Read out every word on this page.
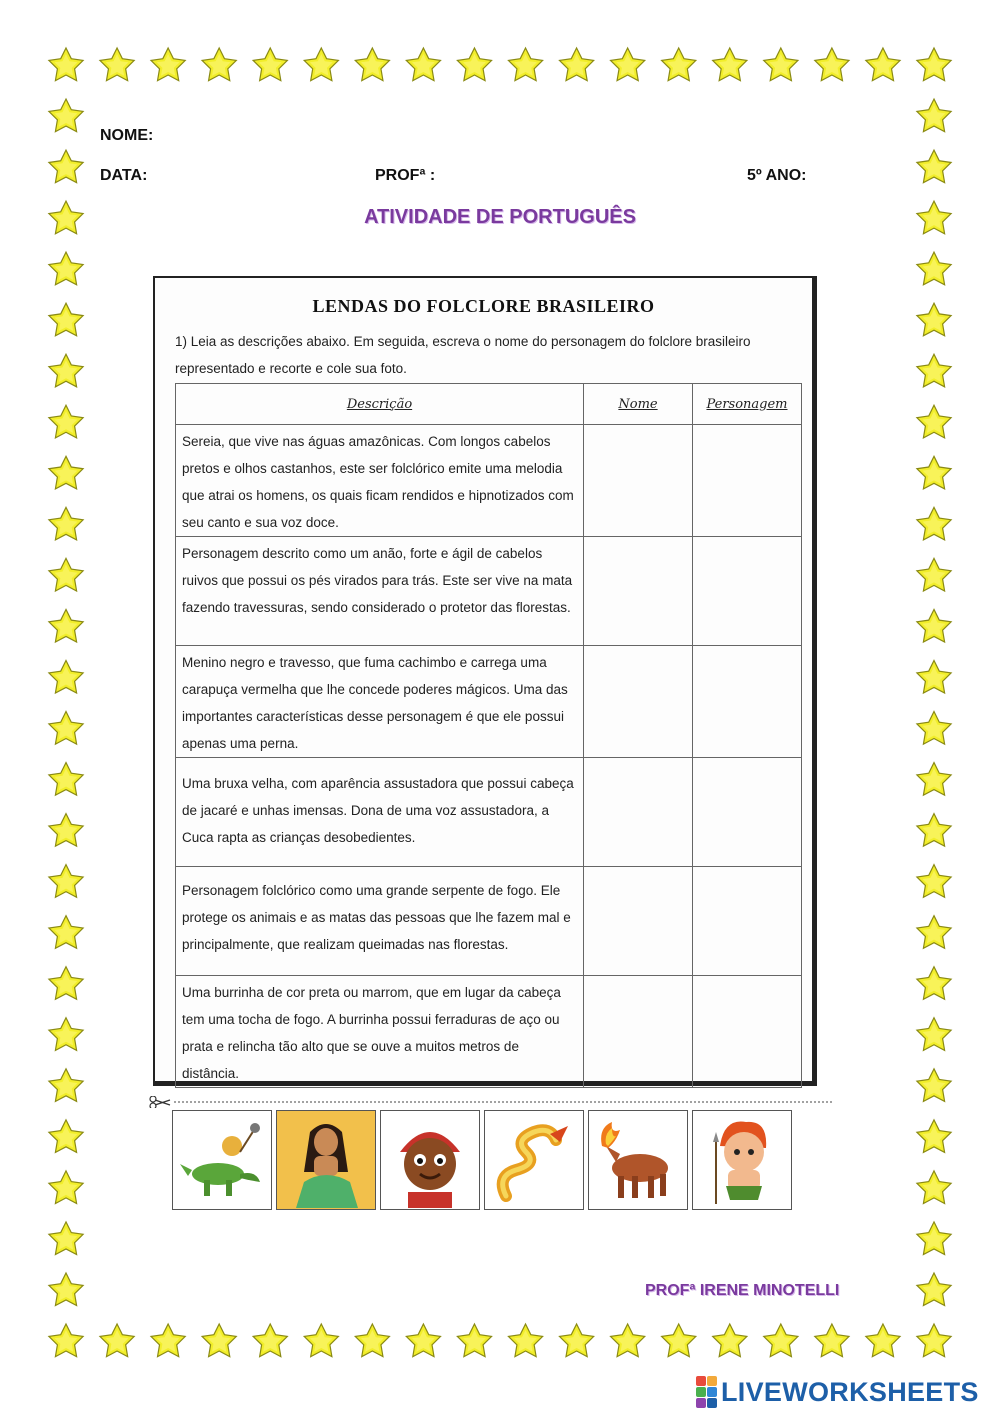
NOME:
DATA:	PROFª :	5º ANO:
ATIVIDADE DE PORTUGUÊS
LENDAS DO FOLCLORE BRASILEIRO
1) Leia as descrições abaixo. Em seguida, escreva o nome do personagem do folclore brasileiro representado e recorte e cole sua foto.
Descrição	Nome	Personagem
Sereia, que vive nas águas amazônicas. Com longos cabelos pretos e olhos castanhos, este ser folclórico emite uma melodia que atrai os homens, os quais ficam rendidos e hipnotizados com seu canto e sua voz doce.		
Personagem descrito como um anão, forte e ágil de cabelos ruivos que possui os pés virados para trás. Este ser vive na mata fazendo travessuras, sendo considerado o protetor das florestas.		
Menino negro e travesso, que fuma cachimbo e carrega uma carapuça vermelha que lhe concede poderes mágicos. Uma das importantes características desse personagem é que ele possui apenas uma perna.		
Uma bruxa velha, com aparência assustadora que possui cabeça de jacaré e unhas imensas. Dona de uma voz assustadora, a Cuca rapta as crianças desobedientes.		
Personagem folclórico como uma grande serpente de fogo. Ele protege os animais e as matas das pessoas que lhe fazem mal e principalmente, que realizam queimadas nas florestas.		
Uma burrinha de cor preta ou marrom, que em lugar da cabeça tem uma tocha de fogo. A burrinha possui ferraduras de aço ou prata e relincha tão alto que se ouve a muitos metros de distância.		
PROFª IRENE MINOTELLI
LIVEWORKSHEETS
